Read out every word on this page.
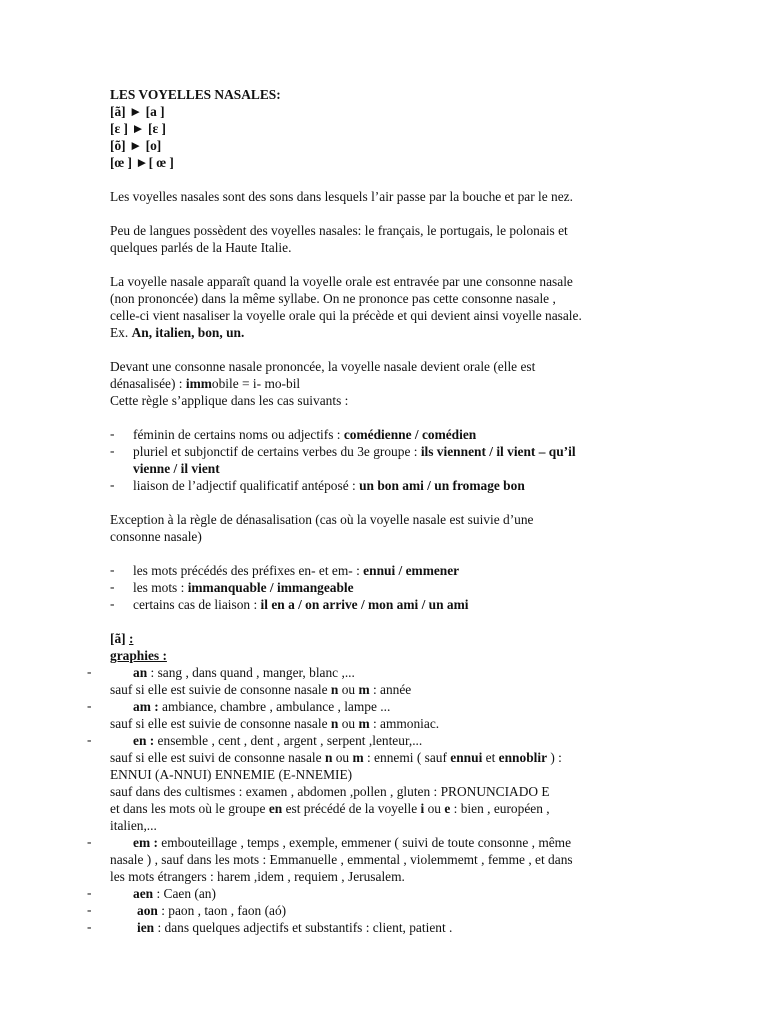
LES VOYELLES NASALES:
[ã] ► [a ]
[ɛ ] ► [ɛ ]
[õ] ► [o]
[œ ] ►[ œ ]
Les voyelles nasales sont des sons dans lesquels l’air passe par la bouche et par le nez.
Peu de langues possèdent des voyelles nasales: le français, le portugais, le polonais et
quelques parlés de la Haute Italie.
La voyelle nasale apparaît quand la voyelle orale est entravée par une consonne nasale
(non prononcée) dans la même syllabe. On ne prononce pas cette consonne nasale ,
celle-ci vient nasaliser la voyelle orale qui la précède et qui devient ainsi voyelle nasale.
Ex. An, italien, bon, un.
Devant une consonne nasale prononcée, la voyelle nasale devient orale (elle est
dénasalisée) : immobile = i- mo-bil
Cette règle s’applique dans les cas suivants :
- féminin de certains noms ou adjectifs : comédienne / comédien
- pluriel et subjonctif de certains verbes du 3e groupe : ils viennent / il vient – qu’il
vienne / il vient
- liaison de l’adjectif qualificatif antéposé : un bon ami / un fromage bon
Exception à la règle de dénasalisation (cas où la voyelle nasale est suivie d’une
consonne nasale)
- les mots précédés des préfixes en- et em- : ennui / emmener
- les mots : immanquable / immangeable
- certains cas de liaison : il en a / on arrive / mon ami / un ami
[ã] :
graphies :
-	an : sang , dans quand , manger, blanc ,...
sauf si elle est suivie de consonne nasale n ou m : année
-	am : ambiance, chambre , ambulance , lampe ...
sauf si elle est suivie de consonne nasale n ou m : ammoniac.
-	en : ensemble , cent , dent , argent , serpent ,lenteur,...
sauf si elle est suivi de consonne nasale n ou m : ennemi ( sauf ennui et ennoblir ) :
ENNUI (A-NNUI) ENNEMIE (E-NNEMIE)
sauf dans des cultismes : examen , abdomen ,pollen , gluten : PRONUNCIADO E
et dans les mots où le groupe en est précédé de la voyelle i ou e : bien , européen ,
italien,...
-	em : embouteillage , temps , exemple, emmener ( suivi de toute consonne , même
nasale ) , sauf dans les mots : Emmanuelle , emmental , violemmemt , femme , et dans
les mots étrangers : harem ,idem , requiem , Jerusalem.
-	aen : Caen (an)
-	aon : paon , taon , faon (aó)
-	ien : dans quelques adjectifs et substantifs : client, patient .
